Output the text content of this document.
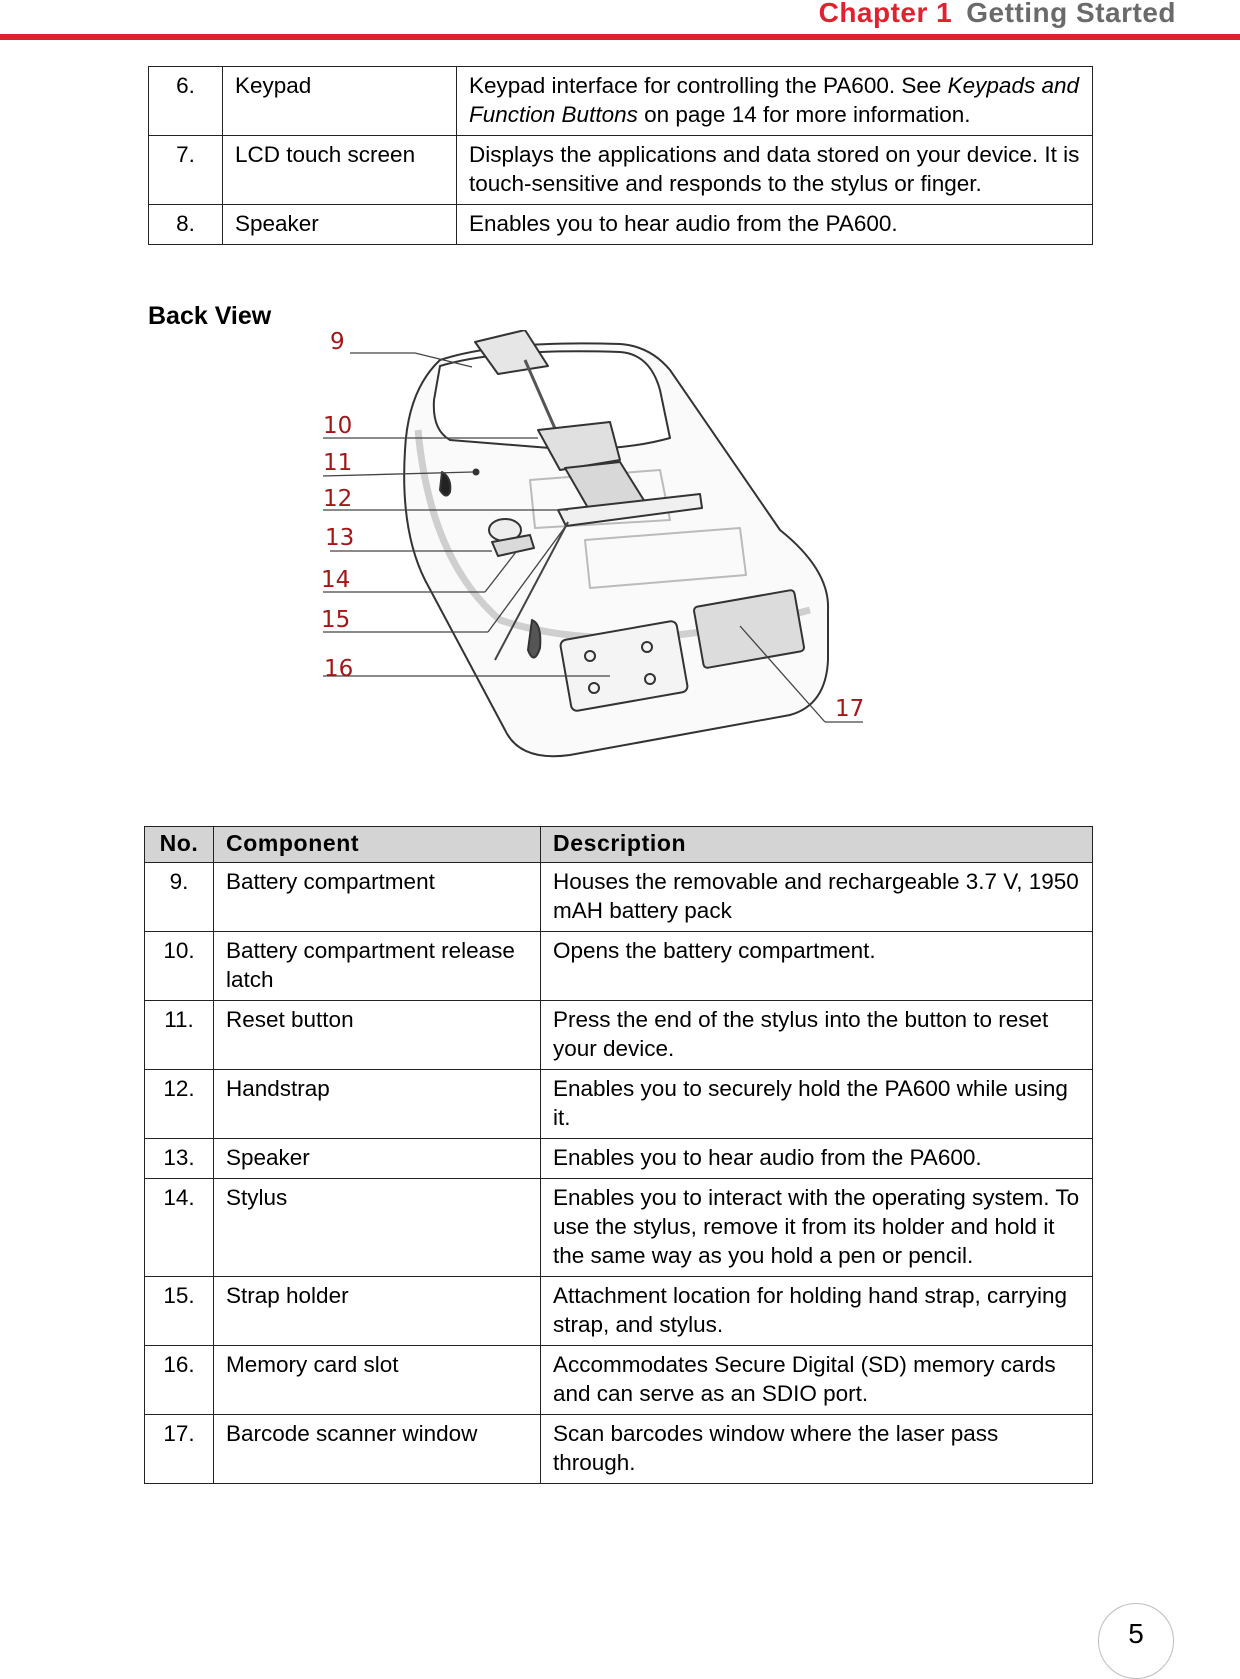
Chapter 1 Getting Started
6.	Keypad	Keypad interface for controlling the PA600. See Keypads and Function Buttons on page 14 for more information.
7.	LCD touch screen	Displays the applications and data stored on your device. It is touch-sensitive and responds to the stylus or finger.
8.	Speaker	Enables you to hear audio from the PA600.
Back View
9
10
11
12
13
14
15
16
17
No.	Component	Description
9.	Battery compartment	Houses the removable and rechargeable 3.7 V, 1950 mAH battery pack
10.	Battery compartment release latch	Opens the battery compartment.
11.	Reset button	Press the end of the stylus into the button to reset your device.
12.	Handstrap	Enables you to securely hold the PA600 while using it.
13.	Speaker	Enables you to hear audio from the PA600.
14.	Stylus	Enables you to interact with the operating system. To use the stylus, remove it from its holder and hold it the same way as you hold a pen or pencil.
15.	Strap holder	Attachment location for holding hand strap, carrying strap, and stylus.
16.	Memory card slot	Accommodates Secure Digital (SD) memory cards and can serve as an SDIO port.
17.	Barcode scanner window	Scan barcodes window where the laser pass through.
5
